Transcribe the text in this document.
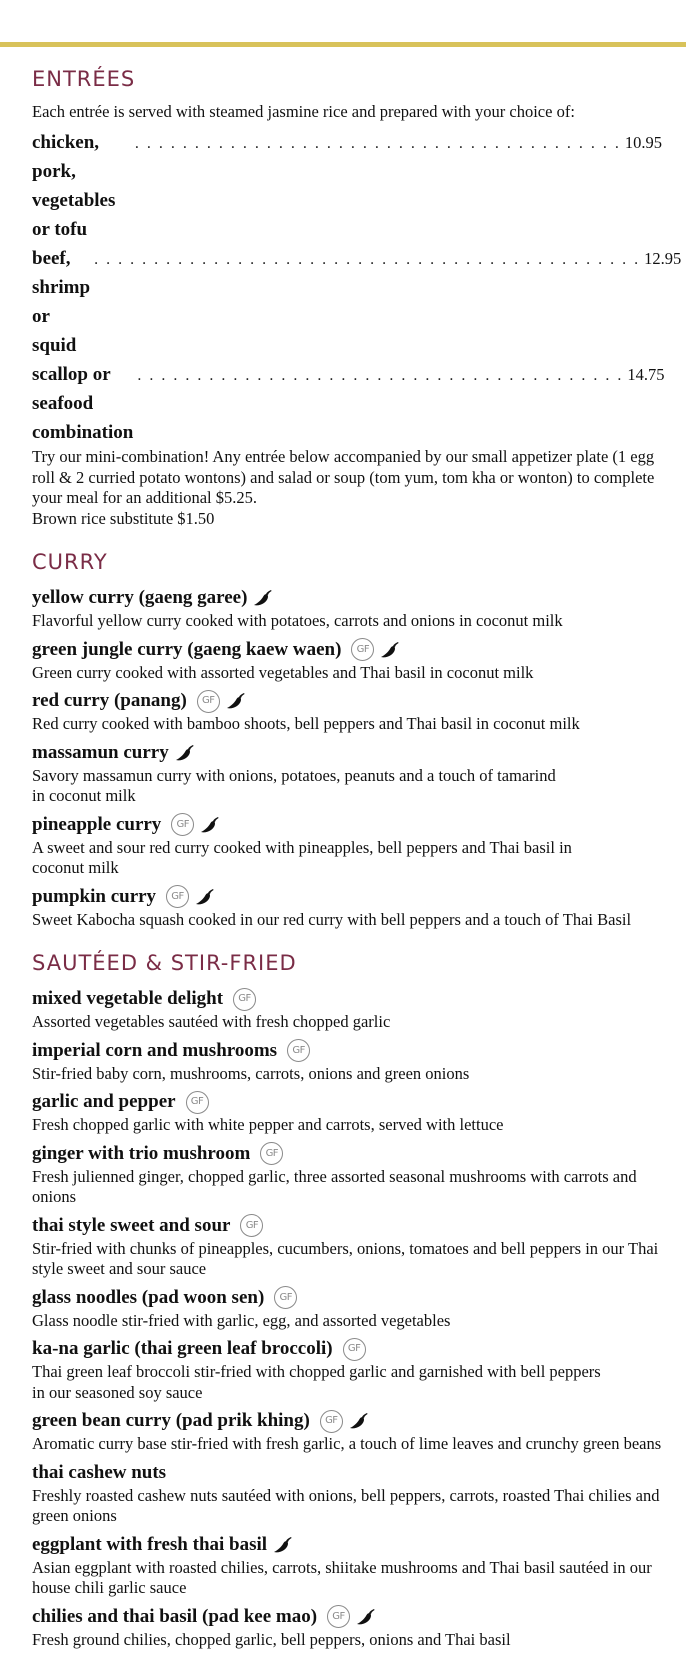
ENTRÉES
Each entrée is served with steamed jasmine rice and prepared with your choice of:
chicken, pork, vegetables or tofu
. . . . . . . . . . . . . . . . . . . . . . . . . . . . . . . . . . . . . . . . . 10.95
beef, shrimp or squid
. . . . . . . . . . . . . . . . . . . . . . . . . . . . . . . . . . . . . . . . . . . . . . 12.95
scallop or seafood combination
. . . . . . . . . . . . . . . . . . . . . . . . . . . . . . . . . . . . . . . . . 14.75
Try our mini-combination! Any entrée below accompanied by our small appetizer plate (1 egg roll & 2 curried potato wontons) and salad or soup (tom yum, tom kha or wonton) to complete your meal for an additional $5.25.
Brown rice substitute $1.50
CURRY
yellow curry (gaeng garee)
Flavorful yellow curry cooked with potatoes, carrots and onions in coconut milk
green jungle curry (gaeng kaew waen)	GF
Green curry cooked with assorted vegetables and Thai basil in coconut milk
red curry (panang)	GF
Red curry cooked with bamboo shoots, bell peppers and Thai basil in coconut milk
massamun curry
Savory massamun curry with onions, potatoes, peanuts and a touch of tamarind in coconut milk
pineapple curry	GF
A sweet and sour red curry cooked with pineapples, bell peppers and Thai basil in coconut milk
pumpkin curry	GF
Sweet Kabocha squash cooked in our red curry with bell peppers and a touch of Thai Basil
SAUTÉED & STIR-FRIED
mixed vegetable delight	GF
Assorted vegetables sautéed with fresh chopped garlic
imperial corn and mushrooms	GF
Stir-fried baby corn, mushrooms, carrots, onions and green onions
garlic and pepper	GF
Fresh chopped garlic with white pepper and carrots, served with lettuce
ginger with trio mushroom	GF
Fresh julienned ginger, chopped garlic, three assorted seasonal mushrooms with carrots and onions
thai style sweet and sour	GF
Stir-fried with chunks of pineapples, cucumbers, onions, tomatoes and bell peppers in our Thai style sweet and sour sauce
glass noodles (pad woon sen)	GF
Glass noodle stir-fried with garlic, egg, and assorted vegetables
ka-na garlic (thai green leaf broccoli)	GF
Thai green leaf broccoli stir-fried with chopped garlic and garnished with bell peppers in our seasoned soy sauce
green bean curry (pad prik khing)	GF
Aromatic curry base stir-fried with fresh garlic, a touch of lime leaves and crunchy green beans
thai cashew nuts
Freshly roasted cashew nuts sautéed with onions, bell peppers, carrots, roasted Thai chilies and green onions
eggplant with fresh thai basil
Asian eggplant with roasted chilies, carrots, shiitake mushrooms and Thai basil sautéed in our house chili garlic sauce
chilies and thai basil (pad kee mao)	GF
Fresh ground chilies, chopped garlic, bell peppers, onions and Thai basil
